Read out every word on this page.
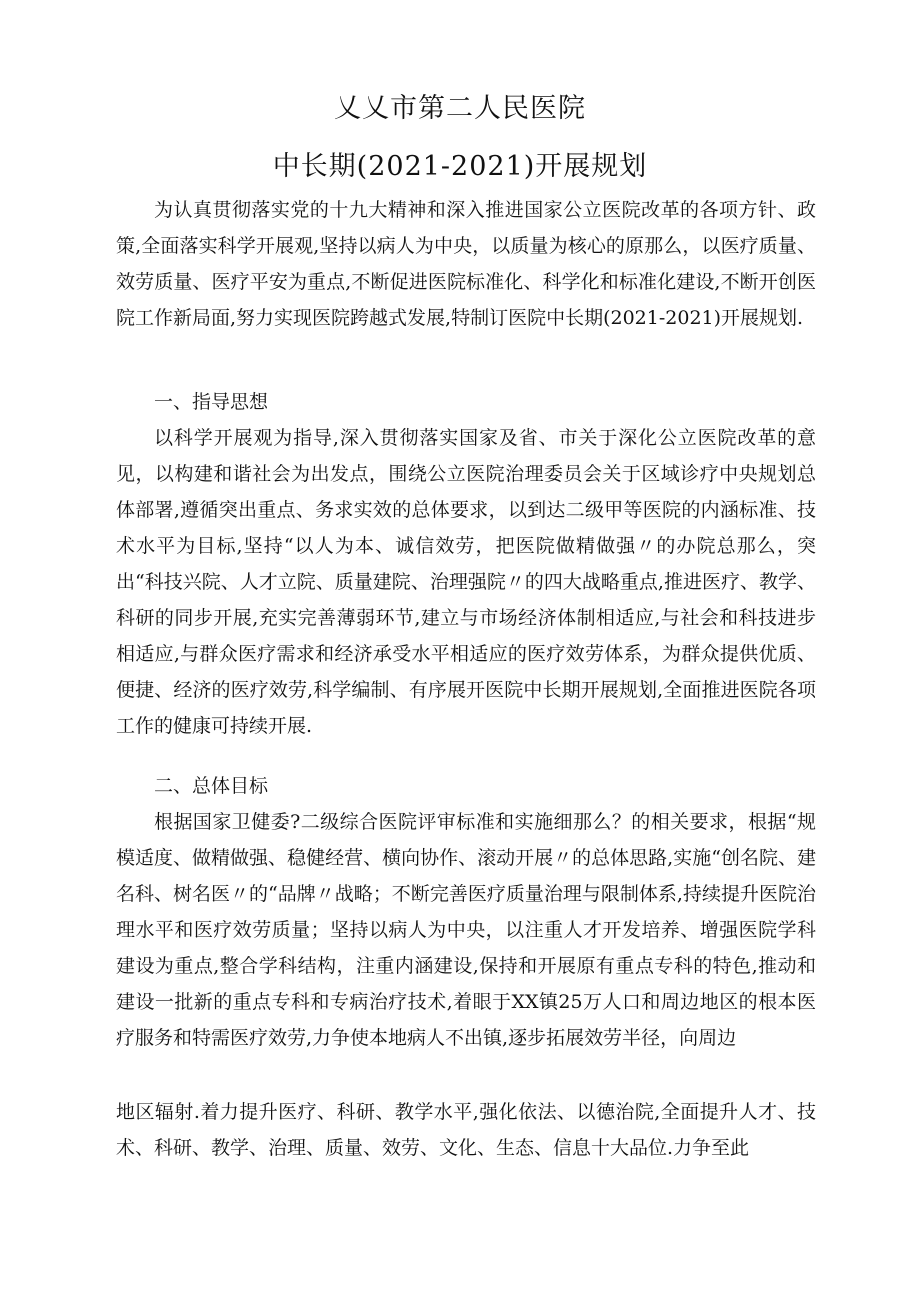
乂乂市第二人民医院
中长期(2021-2021)开展规划

为认真贯彻落实党的十九大精神和深入推进国家公立医院改革的各项方针、政策,全面落实科学开展观,坚持以病人为中央，以质量为核心的原那么，以医疗质量、效劳质量、医疗平安为重点,不断促进医院标准化、科学化和标准化建设,不断开创医院工作新局面,努力实现医院跨越式发展,特制订医院中长期(2021-2021)开展规划.

一、指导思想

以科学开展观为指导,深入贯彻落实国家及省、市关于深化公立医院改革的意见，以构建和谐社会为出发点，围绕公立医院治理委员会关于区域诊疗中央规划总体部署,遵循突出重点、务求实效的总体要求，以到达二级甲等医院的内涵标准、技术水平为目标,坚持“以人为本、诚信效劳，把医院做精做强〃的办院总那么，突出“科技兴院、人才立院、质量建院、治理强院〃的四大战略重点,推进医疗、教学、科研的同步开展,充实完善薄弱环节,建立与市场经济体制相适应,与社会和科技进步相适应,与群众医疗需求和经济承受水平相适应的医疗效劳体系，为群众提供优质、便捷、经济的医疗效劳,科学编制、有序展开医院中长期开展规划,全面推进医院各项工作的健康可持续开展.

二、总体目标

根据国家卫健委?二级综合医院评审标准和实施细那么？的相关要求，根据“规模适度、做精做强、稳健经营、横向协作、滚动开展〃的总体思路,实施“创名院、建名科、树名医〃的“品牌〃战略；不断完善医疗质量治理与限制体系,持续提升医院治理水平和医疗效劳质量；坚持以病人为中央，以注重人才开发培养、增强医院学科建设为重点,整合学科结构，注重内涵建设,保持和开展原有重点专科的特色,推动和建设一批新的重点专科和专病治疗技术,着眼于XX镇25万人口和周边地区的根本医疗服务和特需医疗效劳,力争使本地病人不出镇,逐步拓展效劳半径，向周边

地区辐射.着力提升医疗、科研、教学水平,强化依法、以德治院,全面提升人才、技术、科研、教学、治理、质量、效劳、文化、生态、信息十大品位.力争至此
